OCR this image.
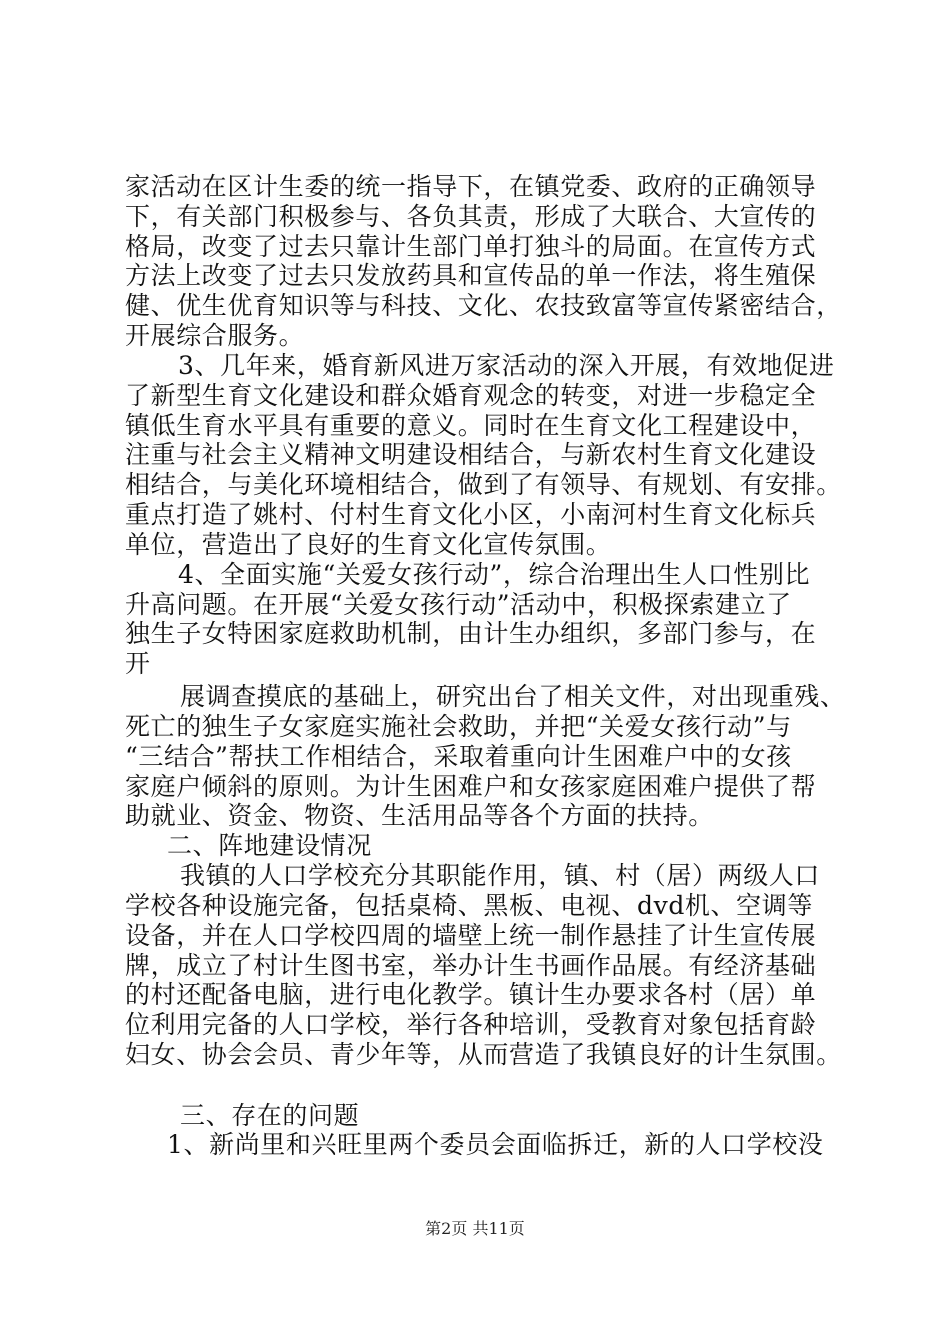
家活动在区计生委的统一指导下，在镇党委、政府的正确领导
下，有关部门积极参与、各负其责，形成了大联合、大宣传的
格局，改变了过去只靠计生部门单打独斗的局面。在宣传方式
方法上改变了过去只发放药具和宣传品的单一作法，将生殖保
健、优生优育知识等与科技、文化、农技致富等宣传紧密结合，
开展综合服务。
3、几年来，婚育新风进万家活动的深入开展，有效地促进
了新型生育文化建设和群众婚育观念的转变，对进一步稳定全
镇低生育水平具有重要的意义。同时在生育文化工程建设中，
注重与社会主义精神文明建设相结合，与新农村生育文化建设
相结合，与美化环境相结合，做到了有领导、有规划、有安排。
重点打造了姚村、付村生育文化小区，小南河村生育文化标兵
单位，营造出了良好的生育文化宣传氛围。
4、全面实施“关爱女孩行动”，综合治理出生人口性别比
升高问题。在开展“关爱女孩行动”活动中，积极探索建立了
独生子女特困家庭救助机制，由计生办组织，多部门参与，在
开
展调查摸底的基础上，研究出台了相关文件，对出现重残、
死亡的独生子女家庭实施社会救助，并把“关爱女孩行动”与
“三结合”帮扶工作相结合，采取着重向计生困难户中的女孩
家庭户倾斜的原则。为计生困难户和女孩家庭困难户提供了帮
助就业、资金、物资、生活用品等各个方面的扶持。
二、阵地建设情况
我镇的人口学校充分其职能作用，镇、村（居）两级人口
学校各种设施完备，包括桌椅、黑板、电视、dvd机、空调等
设备，并在人口学校四周的墙壁上统一制作悬挂了计生宣传展
牌，成立了村计生图书室，举办计生书画作品展。有经济基础
的村还配备电脑，进行电化教学。镇计生办要求各村（居）单
位利用完备的人口学校，举行各种培训，受教育对象包括育龄
妇女、协会会员、青少年等，从而营造了我镇良好的计生氛围。
三、存在的问题
1、新尚里和兴旺里两个委员会面临拆迁，新的人口学校没
第2页 共11页
